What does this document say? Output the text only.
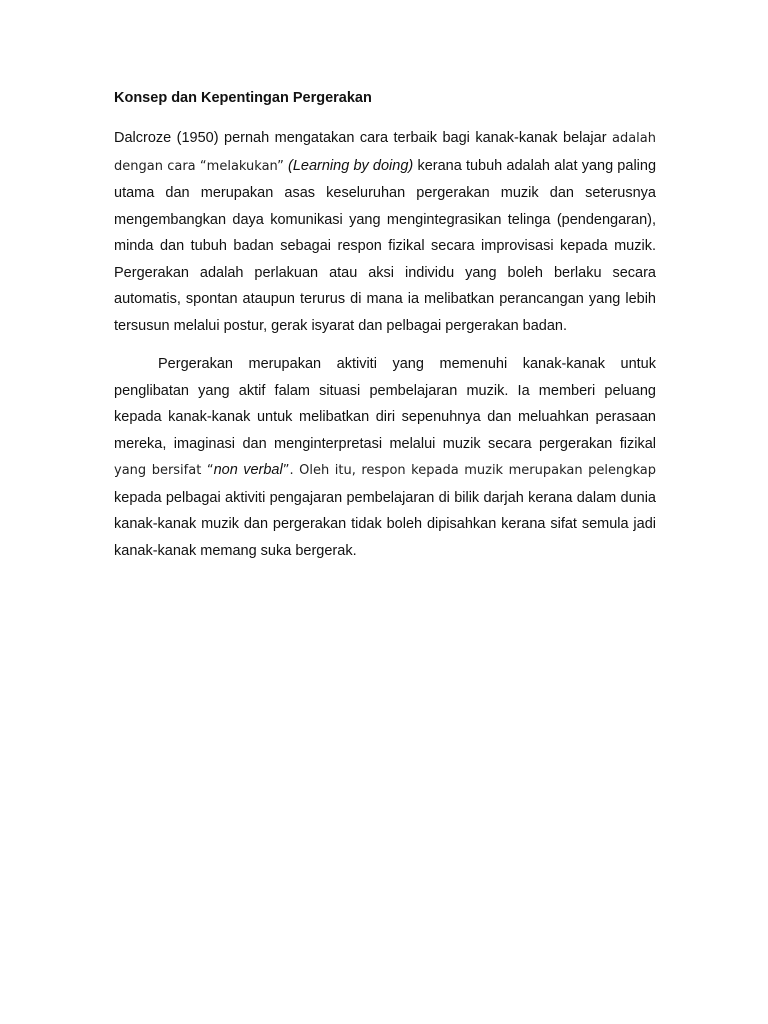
Konsep dan Kepentingan Pergerakan

Dalcroze (1950) pernah mengatakan cara terbaik bagi kanak-kanak belajar adalah dengan cara “melakukan” (Learning by doing) kerana tubuh adalah alat yang paling utama dan merupakan asas keseluruhan pergerakan muzik dan seterusnya mengembangkan daya komunikasi yang mengintegrasikan telinga (pendengaran), minda dan tubuh badan sebagai respon fizikal secara improvisasi kepada muzik. Pergerakan adalah perlakuan atau aksi individu yang boleh berlaku secara automatis, spontan ataupun terurus di mana ia melibatkan perancangan yang lebih tersusun melalui postur, gerak isyarat dan pelbagai pergerakan badan.

Pergerakan merupakan aktiviti yang memenuhi kanak-kanak untuk penglibatan yang aktif falam situasi pembelajaran muzik. Ia memberi peluang kepada kanak-kanak untuk melibatkan diri sepenuhnya dan meluahkan perasaan mereka, imaginasi dan menginterpretasi melalui muzik secara pergerakan fizikal yang bersifat “non verbal”. Oleh itu, respon kepada muzik merupakan pelengkap kepada pelbagai aktiviti pengajaran pembelajaran di bilik darjah kerana dalam dunia kanak-kanak muzik dan pergerakan tidak boleh dipisahkan kerana sifat semula jadi kanak-kanak memang suka bergerak.
